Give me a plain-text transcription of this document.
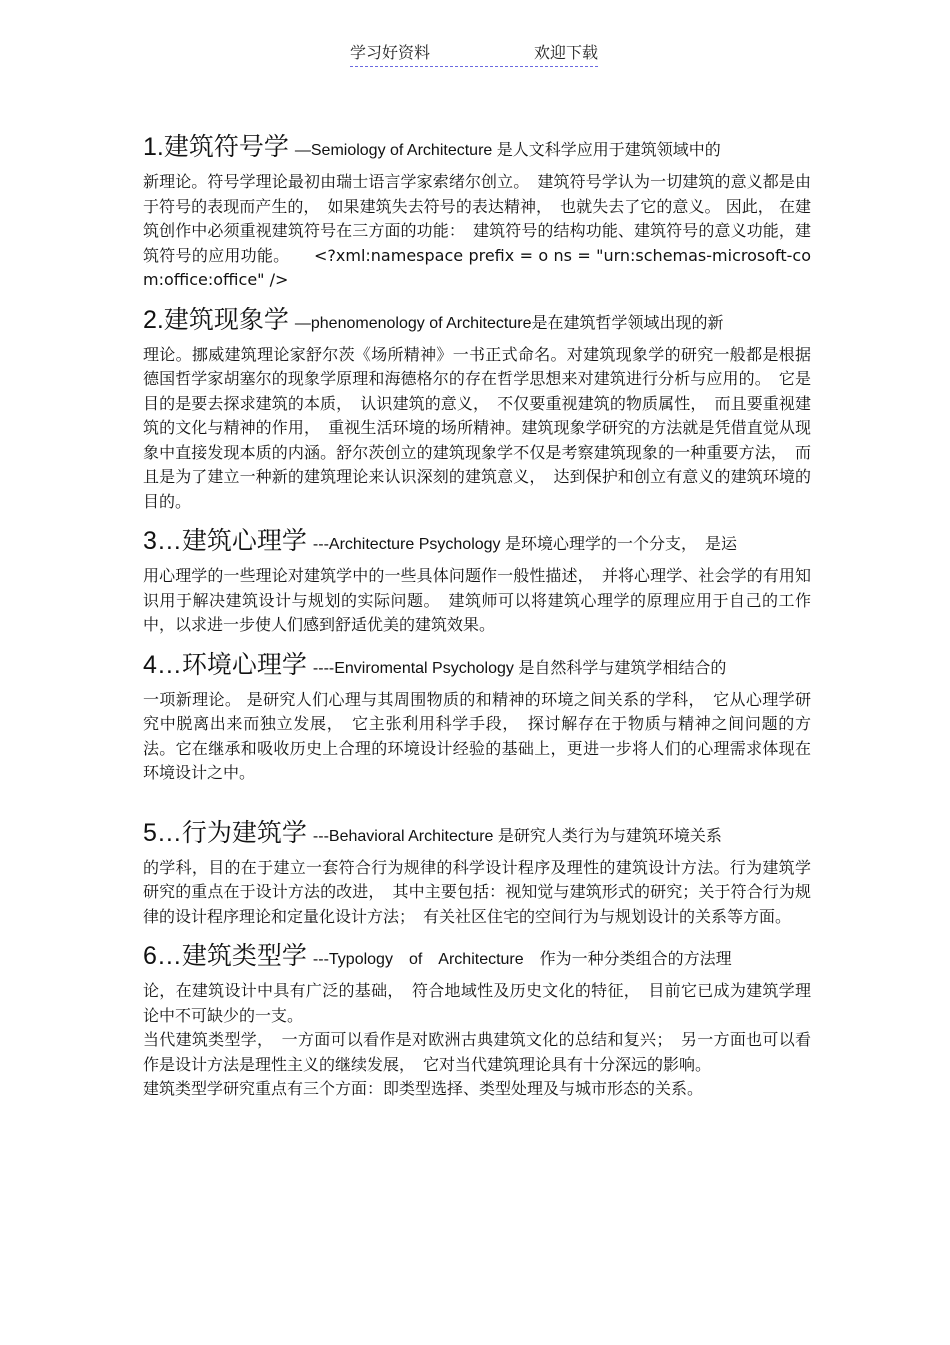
学习好资料	欢迎下载
1.建筑符号学 —Semiology of Architecture 是人文科学应用于建筑领域中的

新理论。符号学理论最初由瑞士语言学家索绪尔创立。　建筑符号学认为一切建筑的意义都是由于符号的表现而产生的，　如果建筑失去符号的表达精神，　也就失去了它的意义。 因此， 在建筑创作中必须重视建筑符号在三方面的功能：　建筑符号的结构功能、建筑符号的意义功能，建筑符号的应用功能。　　<?xml:namespace prefix = o ns = "urn:schemas-microsoft-com:office:office" />

2.建筑现象学 —phenomenology of Architecture是在建筑哲学领域出现的新

理论。挪威建筑理论家舒尔茨《场所精神》一书正式命名。对建筑现象学的研究一般都是根据德国哲学家胡塞尔的现象学原理和海德格尔的存在哲学思想来对建筑进行分析与应用的。　它是目的是要去探求建筑的本质，　认识建筑的意义，　不仅要重视建筑的物质属性，　而且要重视建筑的文化与精神的作用，　重视生活环境的场所精神。建筑现象学研究的方法就是凭借直觉从现象中直接发现本质的内涵。舒尔茨创立的建筑现象学不仅是考察建筑现象的一种重要方法，　而且是为了建立一种新的建筑理论来认识深刻的建筑意义，　达到保护和创立有意义的建筑环境的目的。

3…建筑心理学 ---Architecture Psychology 是环境心理学的一个分支，　是运

用心理学的一些理论对建筑学中的一些具体问题作一般性描述，　并将心理学、社会学的有用知识用于解决建筑设计与规划的实际问题。　建筑师可以将建筑心理学的原理应用于自己的工作中，以求进一步使人们感到舒适优美的建筑效果。

4…环境心理学 ----Enviromental Psychology 是自然科学与建筑学相结合的

一项新理论。 是研究人们心理与其周围物质的和精神的环境之间关系的学科，　它从心理学研究中脱离出来而独立发展，　它主张利用科学手段，　探讨解存在于物质与精神之间问题的方法。它在继承和吸收历史上合理的环境设计经验的基础上，更进一步将人们的心理需求体现在环境设计之中。

5…行为建筑学 ---Behavioral Architecture 是研究人类行为与建筑环境关系

的学科，目的在于建立一套符合行为规律的科学设计程序及理性的建筑设计方法。行为建筑学研究的重点在于设计方法的改进，　其中主要包括：视知觉与建筑形式的研究；关于符合行为规律的设计程序理论和定量化设计方法；　有关社区住宅的空间行为与规划设计的关系等方面。

6…建筑类型学 ---Typology　of　Architecture　作为一种分类组合的方法理

论，在建筑设计中具有广泛的基础，　符合地域性及历史文化的特征，　目前它已成为建筑学理论中不可缺少的一支。

当代建筑类型学，　一方面可以看作是对欧洲古典建筑文化的总结和复兴；　另一方面也可以看作是设计方法是理性主义的继续发展，　它对当代建筑理论具有十分深远的影响。

建筑类型学研究重点有三个方面：即类型选择、类型处理及与城市形态的关系。
